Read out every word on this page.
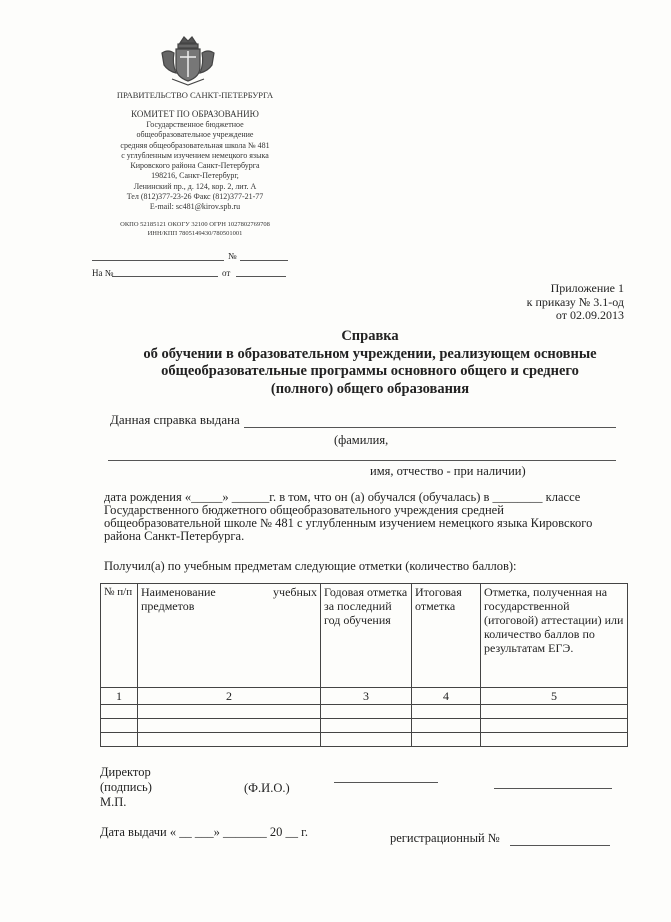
ПРАВИТЕЛЬСТВО САНКТ-ПЕТЕРБУРГА
КОМИТЕТ ПО ОБРАЗОВАНИЮ
Государственное бюджетное
общеобразовательное учреждение
средняя общеобразовательная школа № 481
с углубленным изучением немецкого языка
Кировского района Санкт-Петербурга
198216, Санкт-Петербург,
Ленинский пр., д. 124, кор. 2, лит. А
Тел (812)377-23-26 Факс (812)377-21-77
E-mail: sc481@kirov.spb.ru
ОКПО 52185121 ОКОГУ 32100 ОГРН 1027802769708
ИНН/КПП 7805149430/780501001
№
На №	от
Приложение 1
к приказу № 3.1-од
от 02.09.2013
Справка
об обучении в образовательном учреждении, реализующем основные
общеобразовательные программы основного общего и среднего
(полного) общего образования
Данная справка выдана
(фамилия,
имя, отчество - при наличии)
дата рождения «_____» ______г. в том, что он (а) обучался (обучалась) в ________ классе
Государственного бюджетного общеобразовательного учреждения средней
общеобразовательной школе № 481 с углубленным изучением немецкого языка Кировского
района Санкт-Петербурга.
Получил(а) по учебным предметам следующие отметки (количество баллов):
№ п/п	Наименование учебных предметов	Годовая отметка за последний год обучения	Итоговая отметка	Отметка, полученная на государственной (итоговой) аттестации) или количество баллов по результатам ЕГЭ.
1	2	3	4	5

Директор
(подпись)
М.П.
(Ф.И.О.)
Дата выдачи « __ ___» _______ 20 __ г.	регистрационный №
